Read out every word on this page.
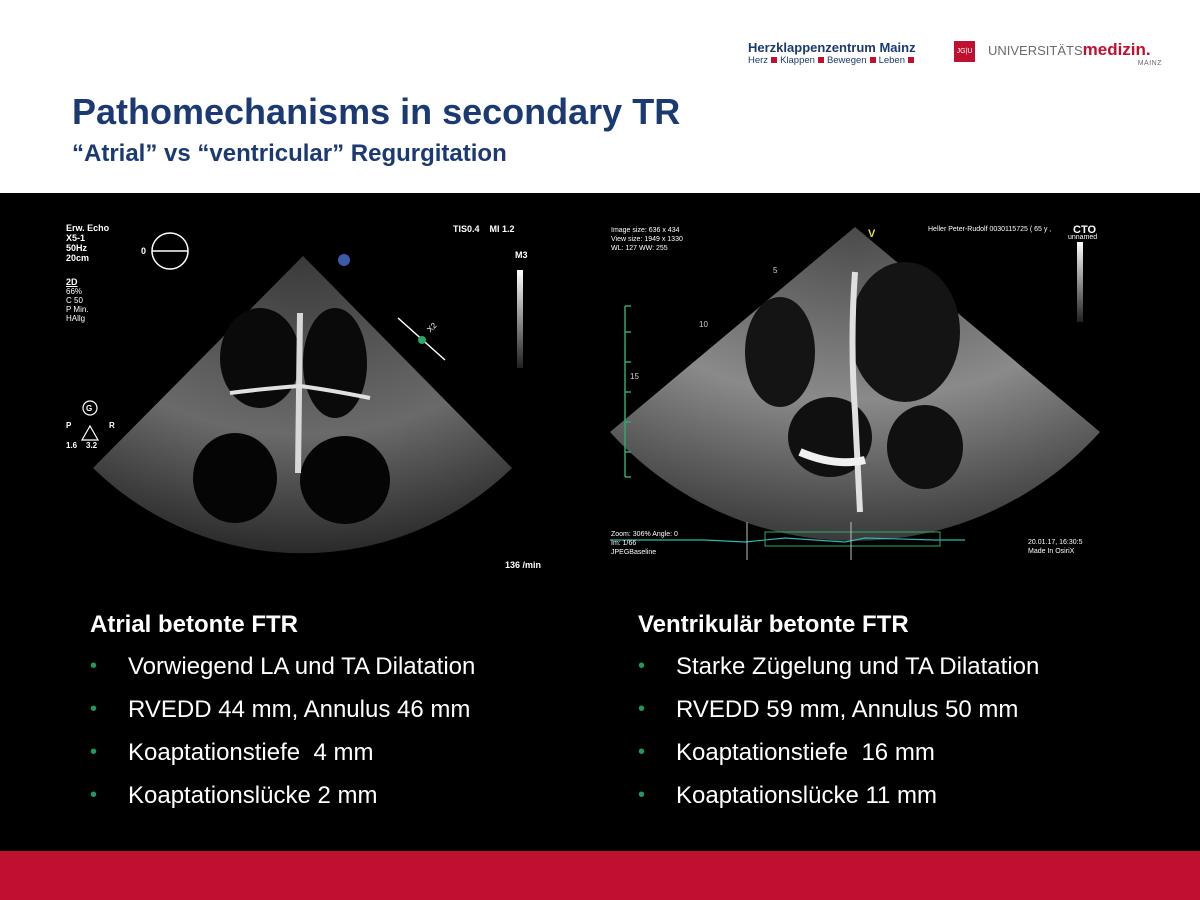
Herzklappenzentrum Mainz
Herz Klappen Bewegen Leben
JG|U UNIVERSITÄTSmedizin.
MAINZ
Pathomechanisms in secondary TR
“Atrial” vs “ventricular” Regurgitation
Erw. Echo
X5-1
50Hz
20cm
2D
66%
C 50
P Min.
HAllg
TIS0.4    MI 1.2
M3
0
G
P	R
1.6    3.2
136 /min
X2
Image size: 636 x 434
View size: 1949 x 1330
WL: 127 WW: 255
Heller Peter-Rudolf 0030115725 ( 65 y ,
unnamed
CTO
V
5
10
15
Zoom: 306% Angle: 0
Im: 1/66
JPEGBaseline
20.01.17, 16:30:5
Made In OsiriX
Atrial betonte FTR
• Vorwiegend LA und TA Dilatation
• RVEDD 44 mm, Annulus 46 mm
• Koaptationstiefe  4 mm
• Koaptationslücke 2 mm
Ventrikulär betonte FTR
• Starke Zügelung und TA Dilatation
• RVEDD 59 mm, Annulus 50 mm
• Koaptationstiefe  16 mm
• Koaptationslücke 11 mm
